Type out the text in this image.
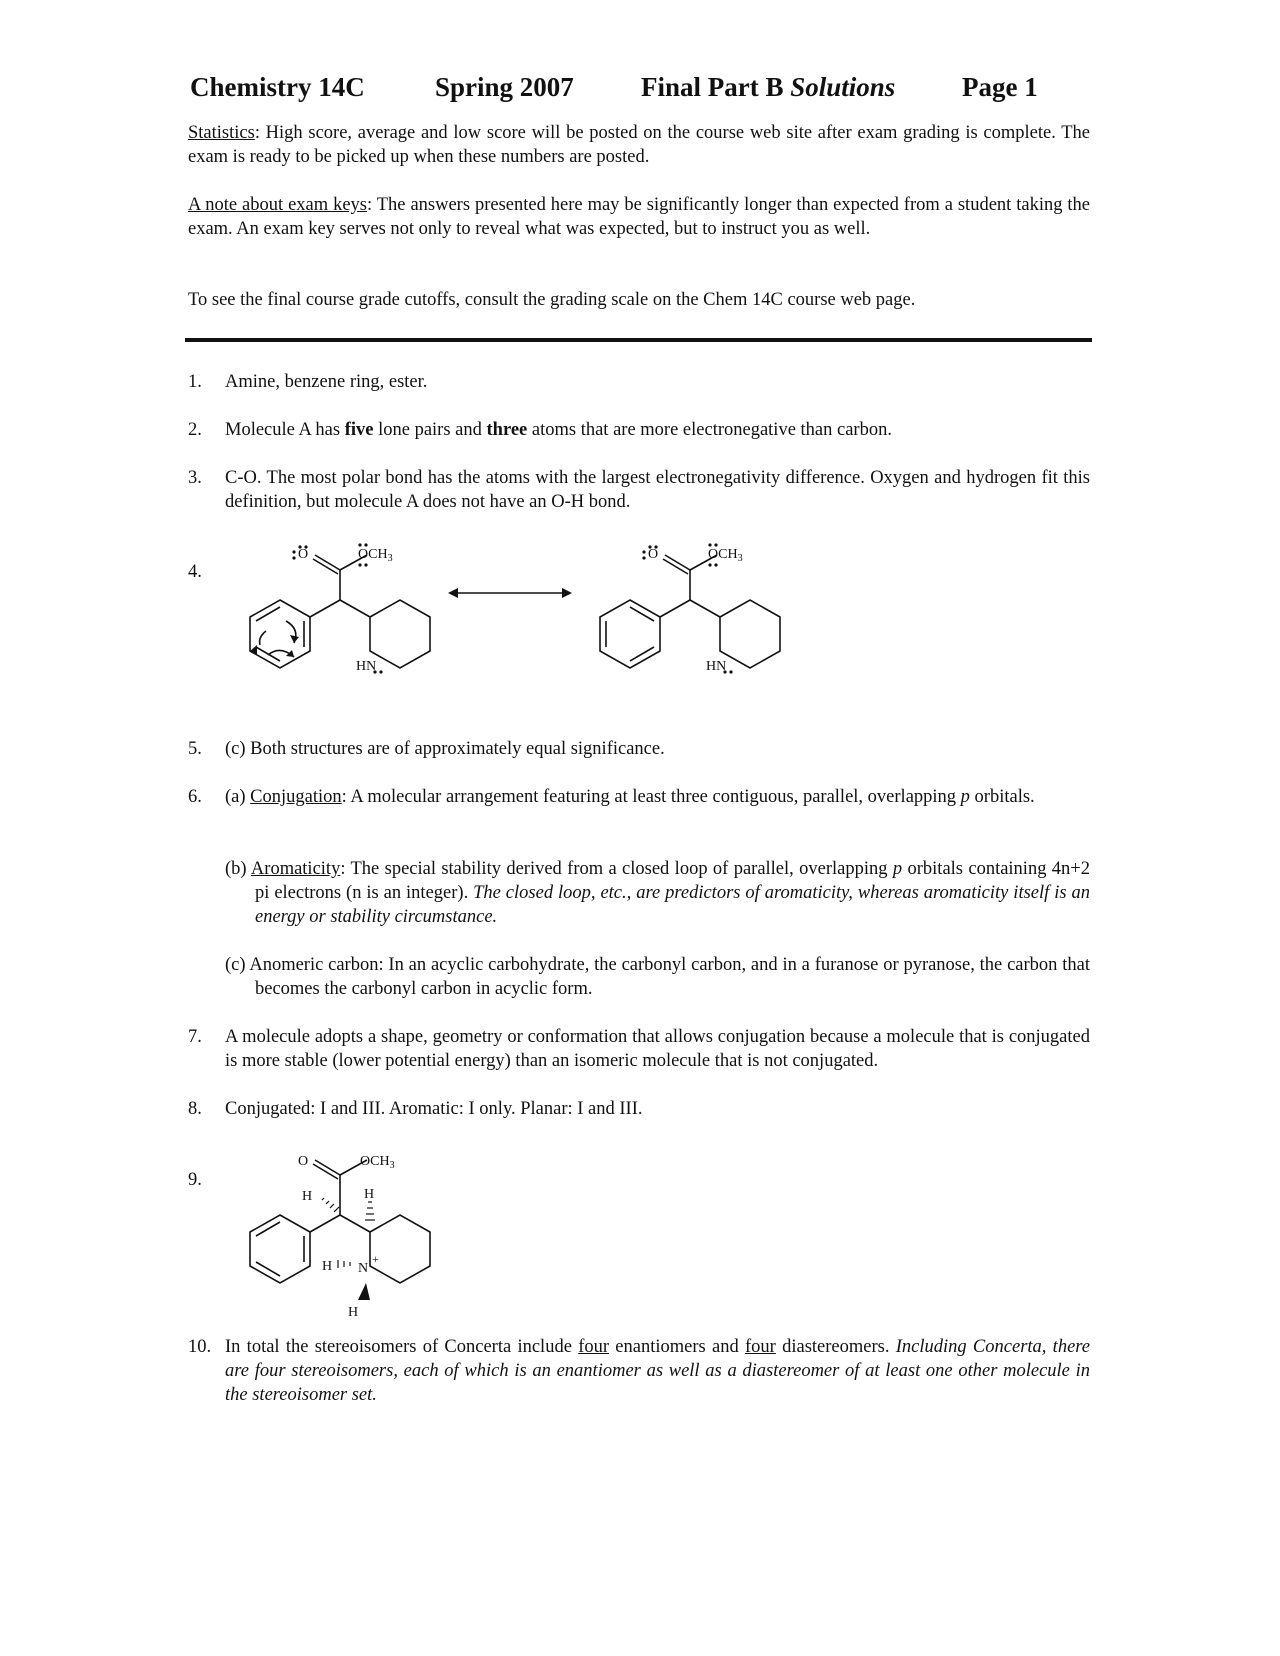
Chemistry 14C	Spring 2007 Final Part B Solutions Page 1
Statistics: High score, average and low score will be posted on the course web site after exam grading is complete. The exam is ready to be picked up when these numbers are posted.
A note about exam keys: The answers presented here may be significantly longer than expected from a student taking the exam. An exam key serves not only to reveal what was expected, but to instruct you as well.
To see the final course grade cutoffs, consult the grading scale on the Chem 14C course web page.
1. Amine, benzene ring, ester.
2. Molecule A has five lone pairs and three atoms that are more electronegative than carbon.
3. C-O. The most polar bond has the atoms with the largest electronegativity difference. Oxygen and hydrogen fit this definition, but molecule A does not have an O-H bond.
4.
O	$OCH_3$
HN
O	$OCH_3$
HN
5. (c) Both structures are of approximately equal significance.
6. (a) Conjugation: A molecular arrangement featuring at least three contiguous, parallel, overlapping p orbitals.
(b) Aromaticity: The special stability derived from a closed loop of parallel, overlapping p orbitals containing 4n+2 pi electrons (n is an integer). The closed loop, etc., are predictors of aromaticity, whereas aromaticity itself is an energy or stability circumstance.
(c) Anomeric carbon: In an acyclic carbohydrate, the carbonyl carbon, and in a furanose or pyranose, the carbon that becomes the carbonyl carbon in acyclic form.
7. A molecule adopts a shape, geometry or conformation that allows conjugation because a molecule that is conjugated is more stable (lower potential energy) than an isomeric molecule that is not conjugated.
8. Conjugated: I and III. Aromatic: I only. Planar: I and III.
9.
O	$OCH_3$
H	H
H N
+
H
10. In total the stereoisomers of Concerta include four enantiomers and four diastereomers. Including Concerta, there are four stereoisomers, each of which is an enantiomer as well as a diastereomer of at least one other molecule in the stereoisomer set.
